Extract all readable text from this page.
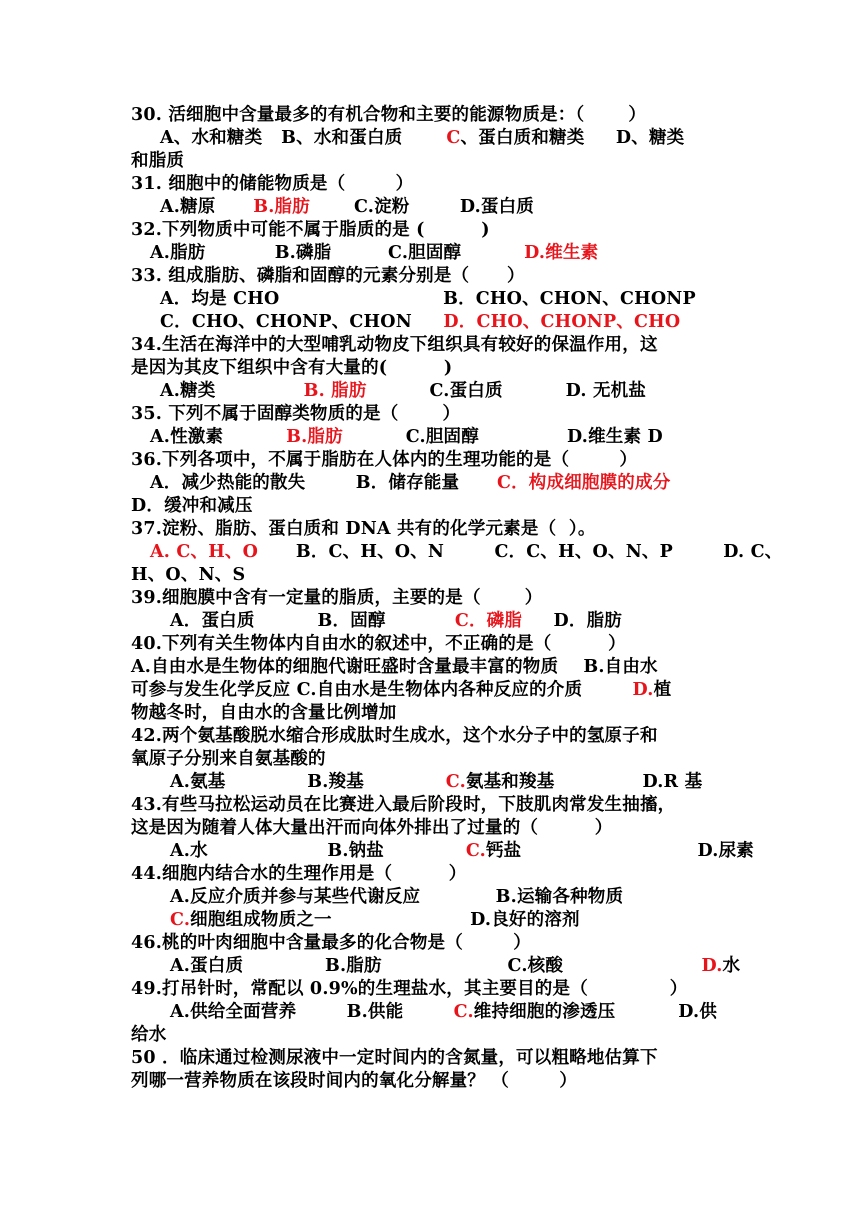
30. 活细胞中含量最多的有机合物和主要的能源物质是：（       ）
A、水和糖类   B、水和蛋白质       C、蛋白质和糖类     D、糖类
和脂质
31. 细胞中的储能物质是（        ）
A.糖原      B.脂肪       C.淀粉        D.蛋白质
32.下列物质中可能不属于脂质的是 (         )
A.脂肪           B.磷脂         C.胆固醇          D.维生素
33. 组成脂肪、磷脂和固醇的元素分别是（      ）
A．均是 CHO                          B．CHO、CHON、CHONP
C．CHO、CHONP、CHON     D．CHO、CHONP、CHO
34.生活在海洋中的大型哺乳动物皮下组织具有较好的保温作用，这
是因为其皮下组织中含有大量的(         )
A.糖类              B. 脂肪          C.蛋白质          D. 无机盐
35. 下列不属于固醇类物质的是（       ）
A.性激素          B.脂肪          C.胆固醇              D.维生素 D
36.下列各项中，不属于脂肪在人体内的生理功能的是（        ）
A．减少热能的散失        B．储存能量      C．构成细胞膜的成分
D．缓冲和减压
37.淀粉、脂肪、蛋白质和 DNA 共有的化学元素是（  ）。
A. C、H、O      B．C、H、O、N        C．C、H、O、N、P        D. C、
H、O、N、S
39.细胞膜中含有一定量的脂质，主要的是（       ）
A．蛋白质          B．固醇           C．磷脂     D．脂肪
40.下列有关生物体内自由水的叙述中，不正确的是（         ）
A.自由水是生物体的细胞代谢旺盛时含量最丰富的物质    B.自由水
可参与发生化学反应 C.自由水是生物体内各种反应的介质        D.植
物越冬时，自由水的含量比例增加
42.两个氨基酸脱水缩合形成肽时生成水，这个水分子中的氢原子和
氧原子分别来自氨基酸的
A.氨基             B.羧基             C.氨基和羧基              D.R 基
43.有些马拉松运动员在比赛进入最后阶段时，下肢肌肉常发生抽搐，
这是因为随着人体大量出汗而向体外排出了过量的（         ）
A.水                   B.钠盐             C.钙盐                            D.尿素
44.细胞内结合水的生理作用是（         ）
A.反应介质并参与某些代谢反应            B.运输各种物质
C.细胞组成物质之一                      D.良好的溶剂
46.桃的叶肉细胞中含量最多的化合物是（        ）
A.蛋白质             B.脂肪                    C.核酸                      D.水
49.打吊针时，常配以 0.9%的生理盐水，其主要目的是（             ）
A.供给全面营养        B.供能        C.维持细胞的渗透压          D.供
给水
50 ．临床通过检测尿液中一定时间内的含氮量，可以粗略地估算下
列哪一营养物质在该段时间内的氧化分解量？ （        ）
